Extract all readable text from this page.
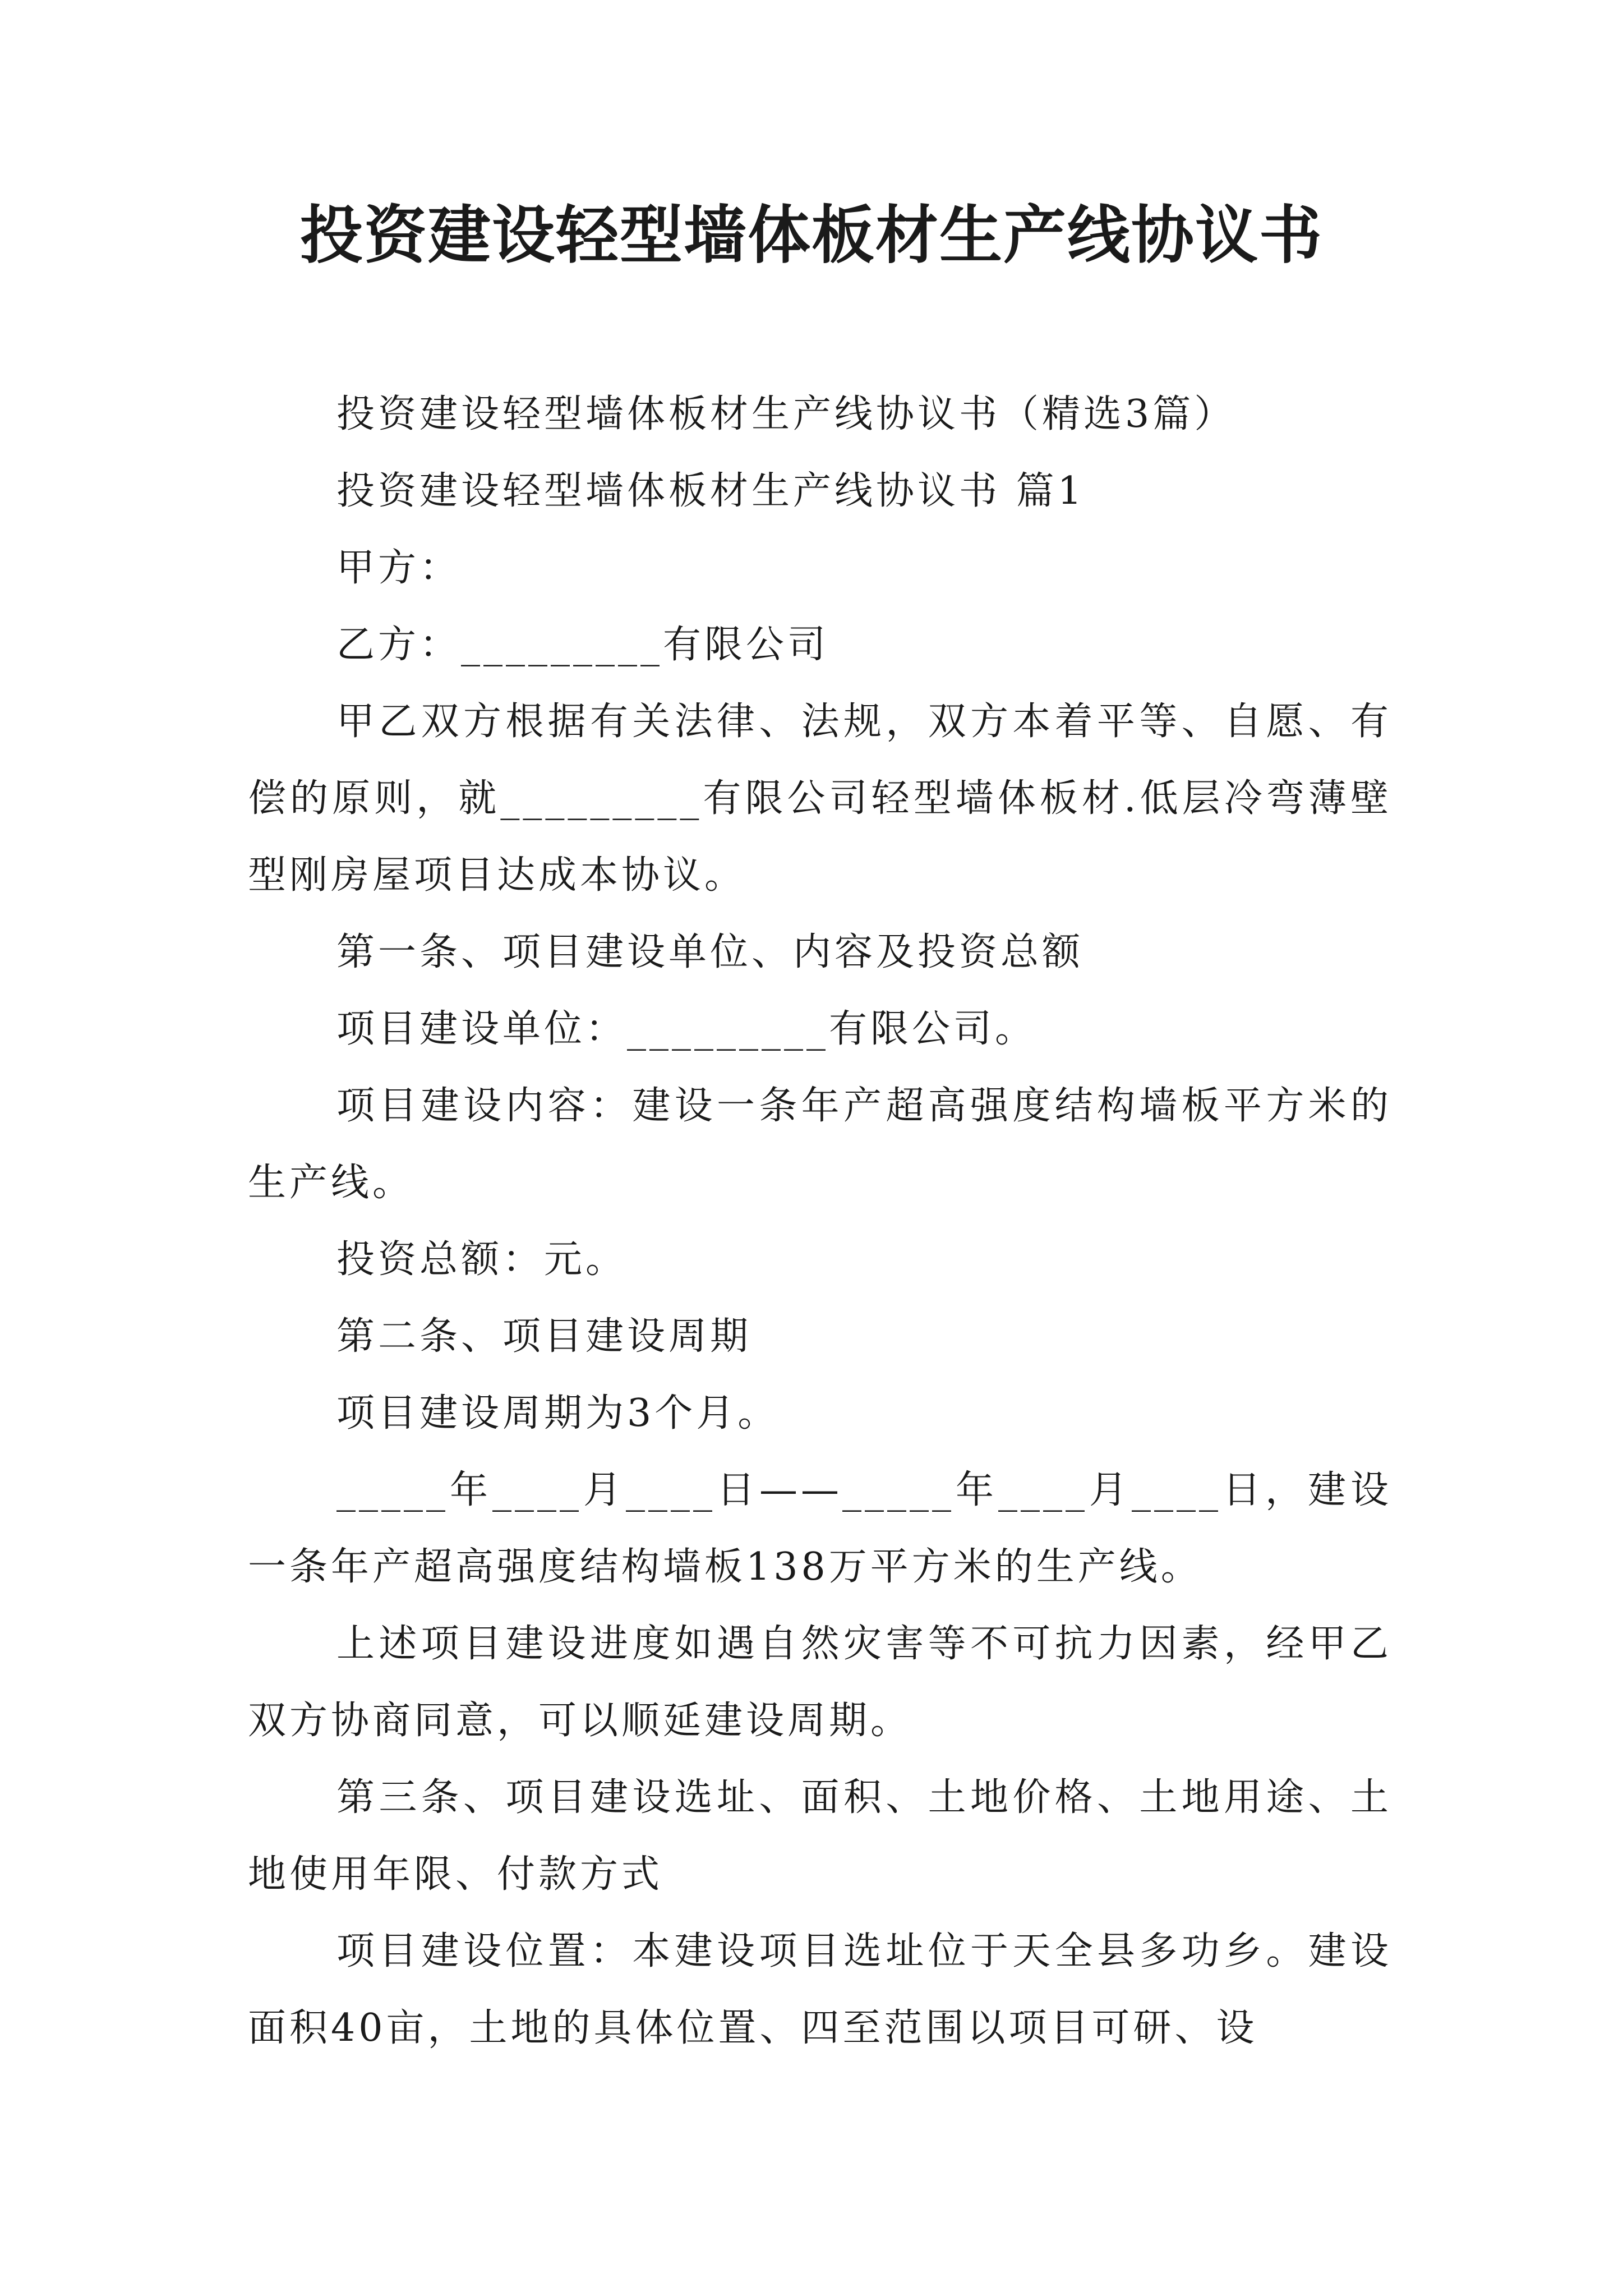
投资建设轻型墙体板材生产线协议书

投资建设轻型墙体板材生产线协议书（精选3篇）

投资建设轻型墙体板材生产线协议书 篇1

甲方：

乙方：_________有限公司

甲乙双方根据有关法律、法规，双方本着平等、自愿、有偿的原则，就_________有限公司轻型墙体板材.低层冷弯薄壁型刚房屋项目达成本协议。

第一条、项目建设单位、内容及投资总额

项目建设单位：_________有限公司。

项目建设内容：建设一条年产超高强度结构墙板平方米的生产线。

投资总额：元。

第二条、项目建设周期

项目建设周期为3个月。

_____年____月____日——_____年____月____日，建设一条年产超高强度结构墙板138万平方米的生产线。

上述项目建设进度如遇自然灾害等不可抗力因素，经甲乙双方协商同意，可以顺延建设周期。

第三条、项目建设选址、面积、土地价格、土地用途、土地使用年限、付款方式

项目建设位置：本建设项目选址位于天全县多功乡。建设面积40亩，土地的具体位置、四至范围以项目可研、设
